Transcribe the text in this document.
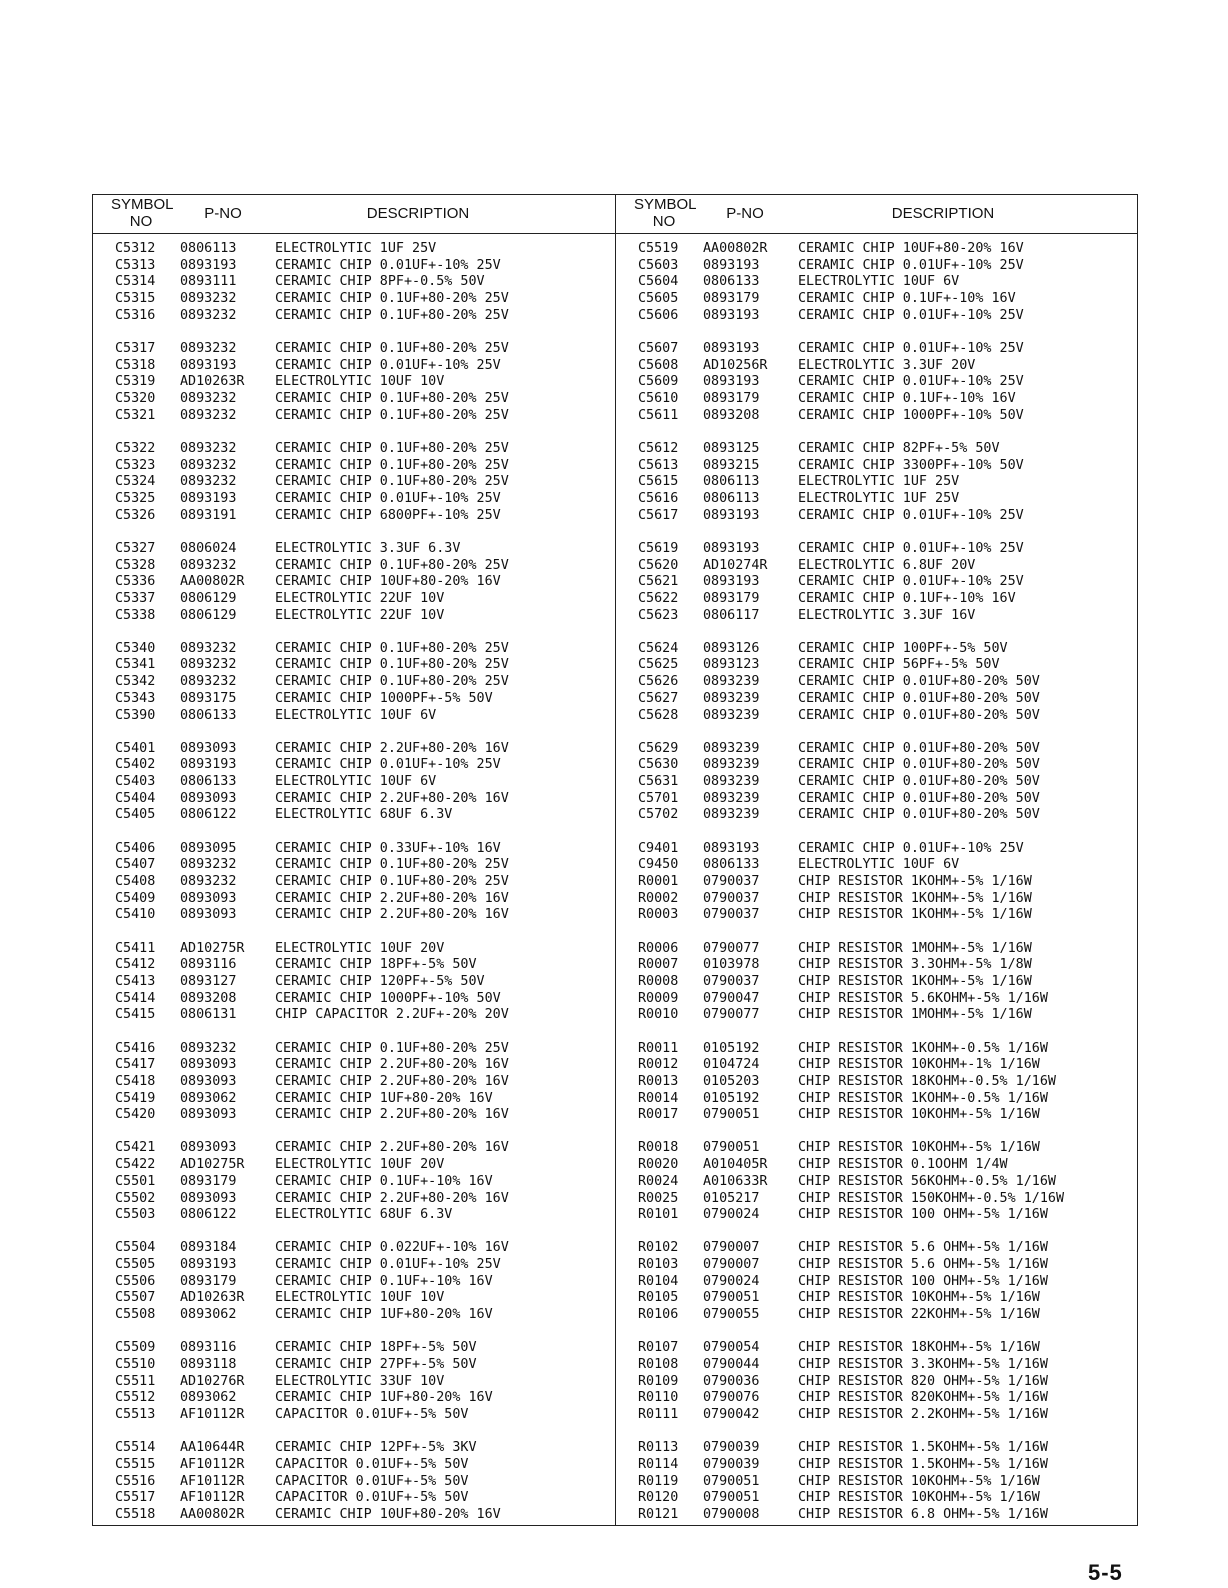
SYMBOL
NO	P-NO	DESCRIPTION
SYMBOL
NO	P-NO	DESCRIPTION
C5312	0806113	ELECTROLYTIC 1UF 25V
C5313	0893193	CERAMIC CHIP 0.01UF+-10% 25V
C5314	0893111	CERAMIC CHIP 8PF+-0.5% 50V
C5315	0893232	CERAMIC CHIP 0.1UF+80-20% 25V
C5316	0893232	CERAMIC CHIP 0.1UF+80-20% 25V
C5317	0893232	CERAMIC CHIP 0.1UF+80-20% 25V
C5318	0893193	CERAMIC CHIP 0.01UF+-10% 25V
C5319	AD10263R	ELECTROLYTIC 10UF 10V
C5320	0893232	CERAMIC CHIP 0.1UF+80-20% 25V
C5321	0893232	CERAMIC CHIP 0.1UF+80-20% 25V
C5322	0893232	CERAMIC CHIP 0.1UF+80-20% 25V
C5323	0893232	CERAMIC CHIP 0.1UF+80-20% 25V
C5324	0893232	CERAMIC CHIP 0.1UF+80-20% 25V
C5325	0893193	CERAMIC CHIP 0.01UF+-10% 25V
C5326	0893191	CERAMIC CHIP 6800PF+-10% 25V
C5327	0806024	ELECTROLYTIC 3.3UF 6.3V
C5328	0893232	CERAMIC CHIP 0.1UF+80-20% 25V
C5336	AA00802R	CERAMIC CHIP 10UF+80-20% 16V
C5337	0806129	ELECTROLYTIC 22UF 10V
C5338	0806129	ELECTROLYTIC 22UF 10V
C5340	0893232	CERAMIC CHIP 0.1UF+80-20% 25V
C5341	0893232	CERAMIC CHIP 0.1UF+80-20% 25V
C5342	0893232	CERAMIC CHIP 0.1UF+80-20% 25V
C5343	0893175	CERAMIC CHIP 1000PF+-5% 50V
C5390	0806133	ELECTROLYTIC 10UF 6V
C5401	0893093	CERAMIC CHIP 2.2UF+80-20% 16V
C5402	0893193	CERAMIC CHIP 0.01UF+-10% 25V
C5403	0806133	ELECTROLYTIC 10UF 6V
C5404	0893093	CERAMIC CHIP 2.2UF+80-20% 16V
C5405	0806122	ELECTROLYTIC 68UF 6.3V
C5406	0893095	CERAMIC CHIP 0.33UF+-10% 16V
C5407	0893232	CERAMIC CHIP 0.1UF+80-20% 25V
C5408	0893232	CERAMIC CHIP 0.1UF+80-20% 25V
C5409	0893093	CERAMIC CHIP 2.2UF+80-20% 16V
C5410	0893093	CERAMIC CHIP 2.2UF+80-20% 16V
C5411	AD10275R	ELECTROLYTIC 10UF 20V
C5412	0893116	CERAMIC CHIP 18PF+-5% 50V
C5413	0893127	CERAMIC CHIP 120PF+-5% 50V
C5414	0893208	CERAMIC CHIP 1000PF+-10% 50V
C5415	0806131	CHIP CAPACITOR 2.2UF+-20% 20V
C5416	0893232	CERAMIC CHIP 0.1UF+80-20% 25V
C5417	0893093	CERAMIC CHIP 2.2UF+80-20% 16V
C5418	0893093	CERAMIC CHIP 2.2UF+80-20% 16V
C5419	0893062	CERAMIC CHIP 1UF+80-20% 16V
C5420	0893093	CERAMIC CHIP 2.2UF+80-20% 16V
C5421	0893093	CERAMIC CHIP 2.2UF+80-20% 16V
C5422	AD10275R	ELECTROLYTIC 10UF 20V
C5501	0893179	CERAMIC CHIP 0.1UF+-10% 16V
C5502	0893093	CERAMIC CHIP 2.2UF+80-20% 16V
C5503	0806122	ELECTROLYTIC 68UF 6.3V
C5504	0893184	CERAMIC CHIP 0.022UF+-10% 16V
C5505	0893193	CERAMIC CHIP 0.01UF+-10% 25V
C5506	0893179	CERAMIC CHIP 0.1UF+-10% 16V
C5507	AD10263R	ELECTROLYTIC 10UF 10V
C5508	0893062	CERAMIC CHIP 1UF+80-20% 16V
C5509	0893116	CERAMIC CHIP 18PF+-5% 50V
C5510	0893118	CERAMIC CHIP 27PF+-5% 50V
C5511	AD10276R	ELECTROLYTIC 33UF 10V
C5512	0893062	CERAMIC CHIP 1UF+80-20% 16V
C5513	AF10112R	CAPACITOR 0.01UF+-5% 50V
C5514	AA10644R	CERAMIC CHIP 12PF+-5% 3KV
C5515	AF10112R	CAPACITOR 0.01UF+-5% 50V
C5516	AF10112R	CAPACITOR 0.01UF+-5% 50V
C5517	AF10112R	CAPACITOR 0.01UF+-5% 50V
C5518	AA00802R	CERAMIC CHIP 10UF+80-20% 16V
C5519	AA00802R	CERAMIC CHIP 10UF+80-20% 16V
C5603	0893193	CERAMIC CHIP 0.01UF+-10% 25V
C5604	0806133	ELECTROLYTIC 10UF 6V
C5605	0893179	CERAMIC CHIP 0.1UF+-10% 16V
C5606	0893193	CERAMIC CHIP 0.01UF+-10% 25V
C5607	0893193	CERAMIC CHIP 0.01UF+-10% 25V
C5608	AD10256R	ELECTROLYTIC 3.3UF 20V
C5609	0893193	CERAMIC CHIP 0.01UF+-10% 25V
C5610	0893179	CERAMIC CHIP 0.1UF+-10% 16V
C5611	0893208	CERAMIC CHIP 1000PF+-10% 50V
C5612	0893125	CERAMIC CHIP 82PF+-5% 50V
C5613	0893215	CERAMIC CHIP 3300PF+-10% 50V
C5615	0806113	ELECTROLYTIC 1UF 25V
C5616	0806113	ELECTROLYTIC 1UF 25V
C5617	0893193	CERAMIC CHIP 0.01UF+-10% 25V
C5619	0893193	CERAMIC CHIP 0.01UF+-10% 25V
C5620	AD10274R	ELECTROLYTIC 6.8UF 20V
C5621	0893193	CERAMIC CHIP 0.01UF+-10% 25V
C5622	0893179	CERAMIC CHIP 0.1UF+-10% 16V
C5623	0806117	ELECTROLYTIC 3.3UF 16V
C5624	0893126	CERAMIC CHIP 100PF+-5% 50V
C5625	0893123	CERAMIC CHIP 56PF+-5% 50V
C5626	0893239	CERAMIC CHIP 0.01UF+80-20% 50V
C5627	0893239	CERAMIC CHIP 0.01UF+80-20% 50V
C5628	0893239	CERAMIC CHIP 0.01UF+80-20% 50V
C5629	0893239	CERAMIC CHIP 0.01UF+80-20% 50V
C5630	0893239	CERAMIC CHIP 0.01UF+80-20% 50V
C5631	0893239	CERAMIC CHIP 0.01UF+80-20% 50V
C5701	0893239	CERAMIC CHIP 0.01UF+80-20% 50V
C5702	0893239	CERAMIC CHIP 0.01UF+80-20% 50V
C9401	0893193	CERAMIC CHIP 0.01UF+-10% 25V
C9450	0806133	ELECTROLYTIC 10UF 6V
R0001	0790037	CHIP RESISTOR 1KOHM+-5% 1/16W
R0002	0790037	CHIP RESISTOR 1KOHM+-5% 1/16W
R0003	0790037	CHIP RESISTOR 1KOHM+-5% 1/16W
R0006	0790077	CHIP RESISTOR 1MOHM+-5% 1/16W
R0007	0103978	CHIP RESISTOR 3.3OHM+-5% 1/8W
R0008	0790037	CHIP RESISTOR 1KOHM+-5% 1/16W
R0009	0790047	CHIP RESISTOR 5.6KOHM+-5% 1/16W
R0010	0790077	CHIP RESISTOR 1MOHM+-5% 1/16W
R0011	0105192	CHIP RESISTOR 1KOHM+-0.5% 1/16W
R0012	0104724	CHIP RESISTOR 10KOHM+-1% 1/16W
R0013	0105203	CHIP RESISTOR 18KOHM+-0.5% 1/16W
R0014	0105192	CHIP RESISTOR 1KOHM+-0.5% 1/16W
R0017	0790051	CHIP RESISTOR 10KOHM+-5% 1/16W
R0018	0790051	CHIP RESISTOR 10KOHM+-5% 1/16W
R0020	A010405R	CHIP RESISTOR 0.1OOHM 1/4W
R0024	A010633R	CHIP RESISTOR 56KOHM+-0.5% 1/16W
R0025	0105217	CHIP RESISTOR 150KOHM+-0.5% 1/16W
R0101	0790024	CHIP RESISTOR 100 OHM+-5% 1/16W
R0102	0790007	CHIP RESISTOR 5.6 OHM+-5% 1/16W
R0103	0790007	CHIP RESISTOR 5.6 OHM+-5% 1/16W
R0104	0790024	CHIP RESISTOR 100 OHM+-5% 1/16W
R0105	0790051	CHIP RESISTOR 10KOHM+-5% 1/16W
R0106	0790055	CHIP RESISTOR 22KOHM+-5% 1/16W
R0107	0790054	CHIP RESISTOR 18KOHM+-5% 1/16W
R0108	0790044	CHIP RESISTOR 3.3KOHM+-5% 1/16W
R0109	0790036	CHIP RESISTOR 820 OHM+-5% 1/16W
R0110	0790076	CHIP RESISTOR 820KOHM+-5% 1/16W
R0111	0790042	CHIP RESISTOR 2.2KOHM+-5% 1/16W
R0113	0790039	CHIP RESISTOR 1.5KOHM+-5% 1/16W
R0114	0790039	CHIP RESISTOR 1.5KOHM+-5% 1/16W
R0119	0790051	CHIP RESISTOR 10KOHM+-5% 1/16W
R0120	0790051	CHIP RESISTOR 10KOHM+-5% 1/16W
R0121	0790008	CHIP RESISTOR 6.8 OHM+-5% 1/16W
5-5
